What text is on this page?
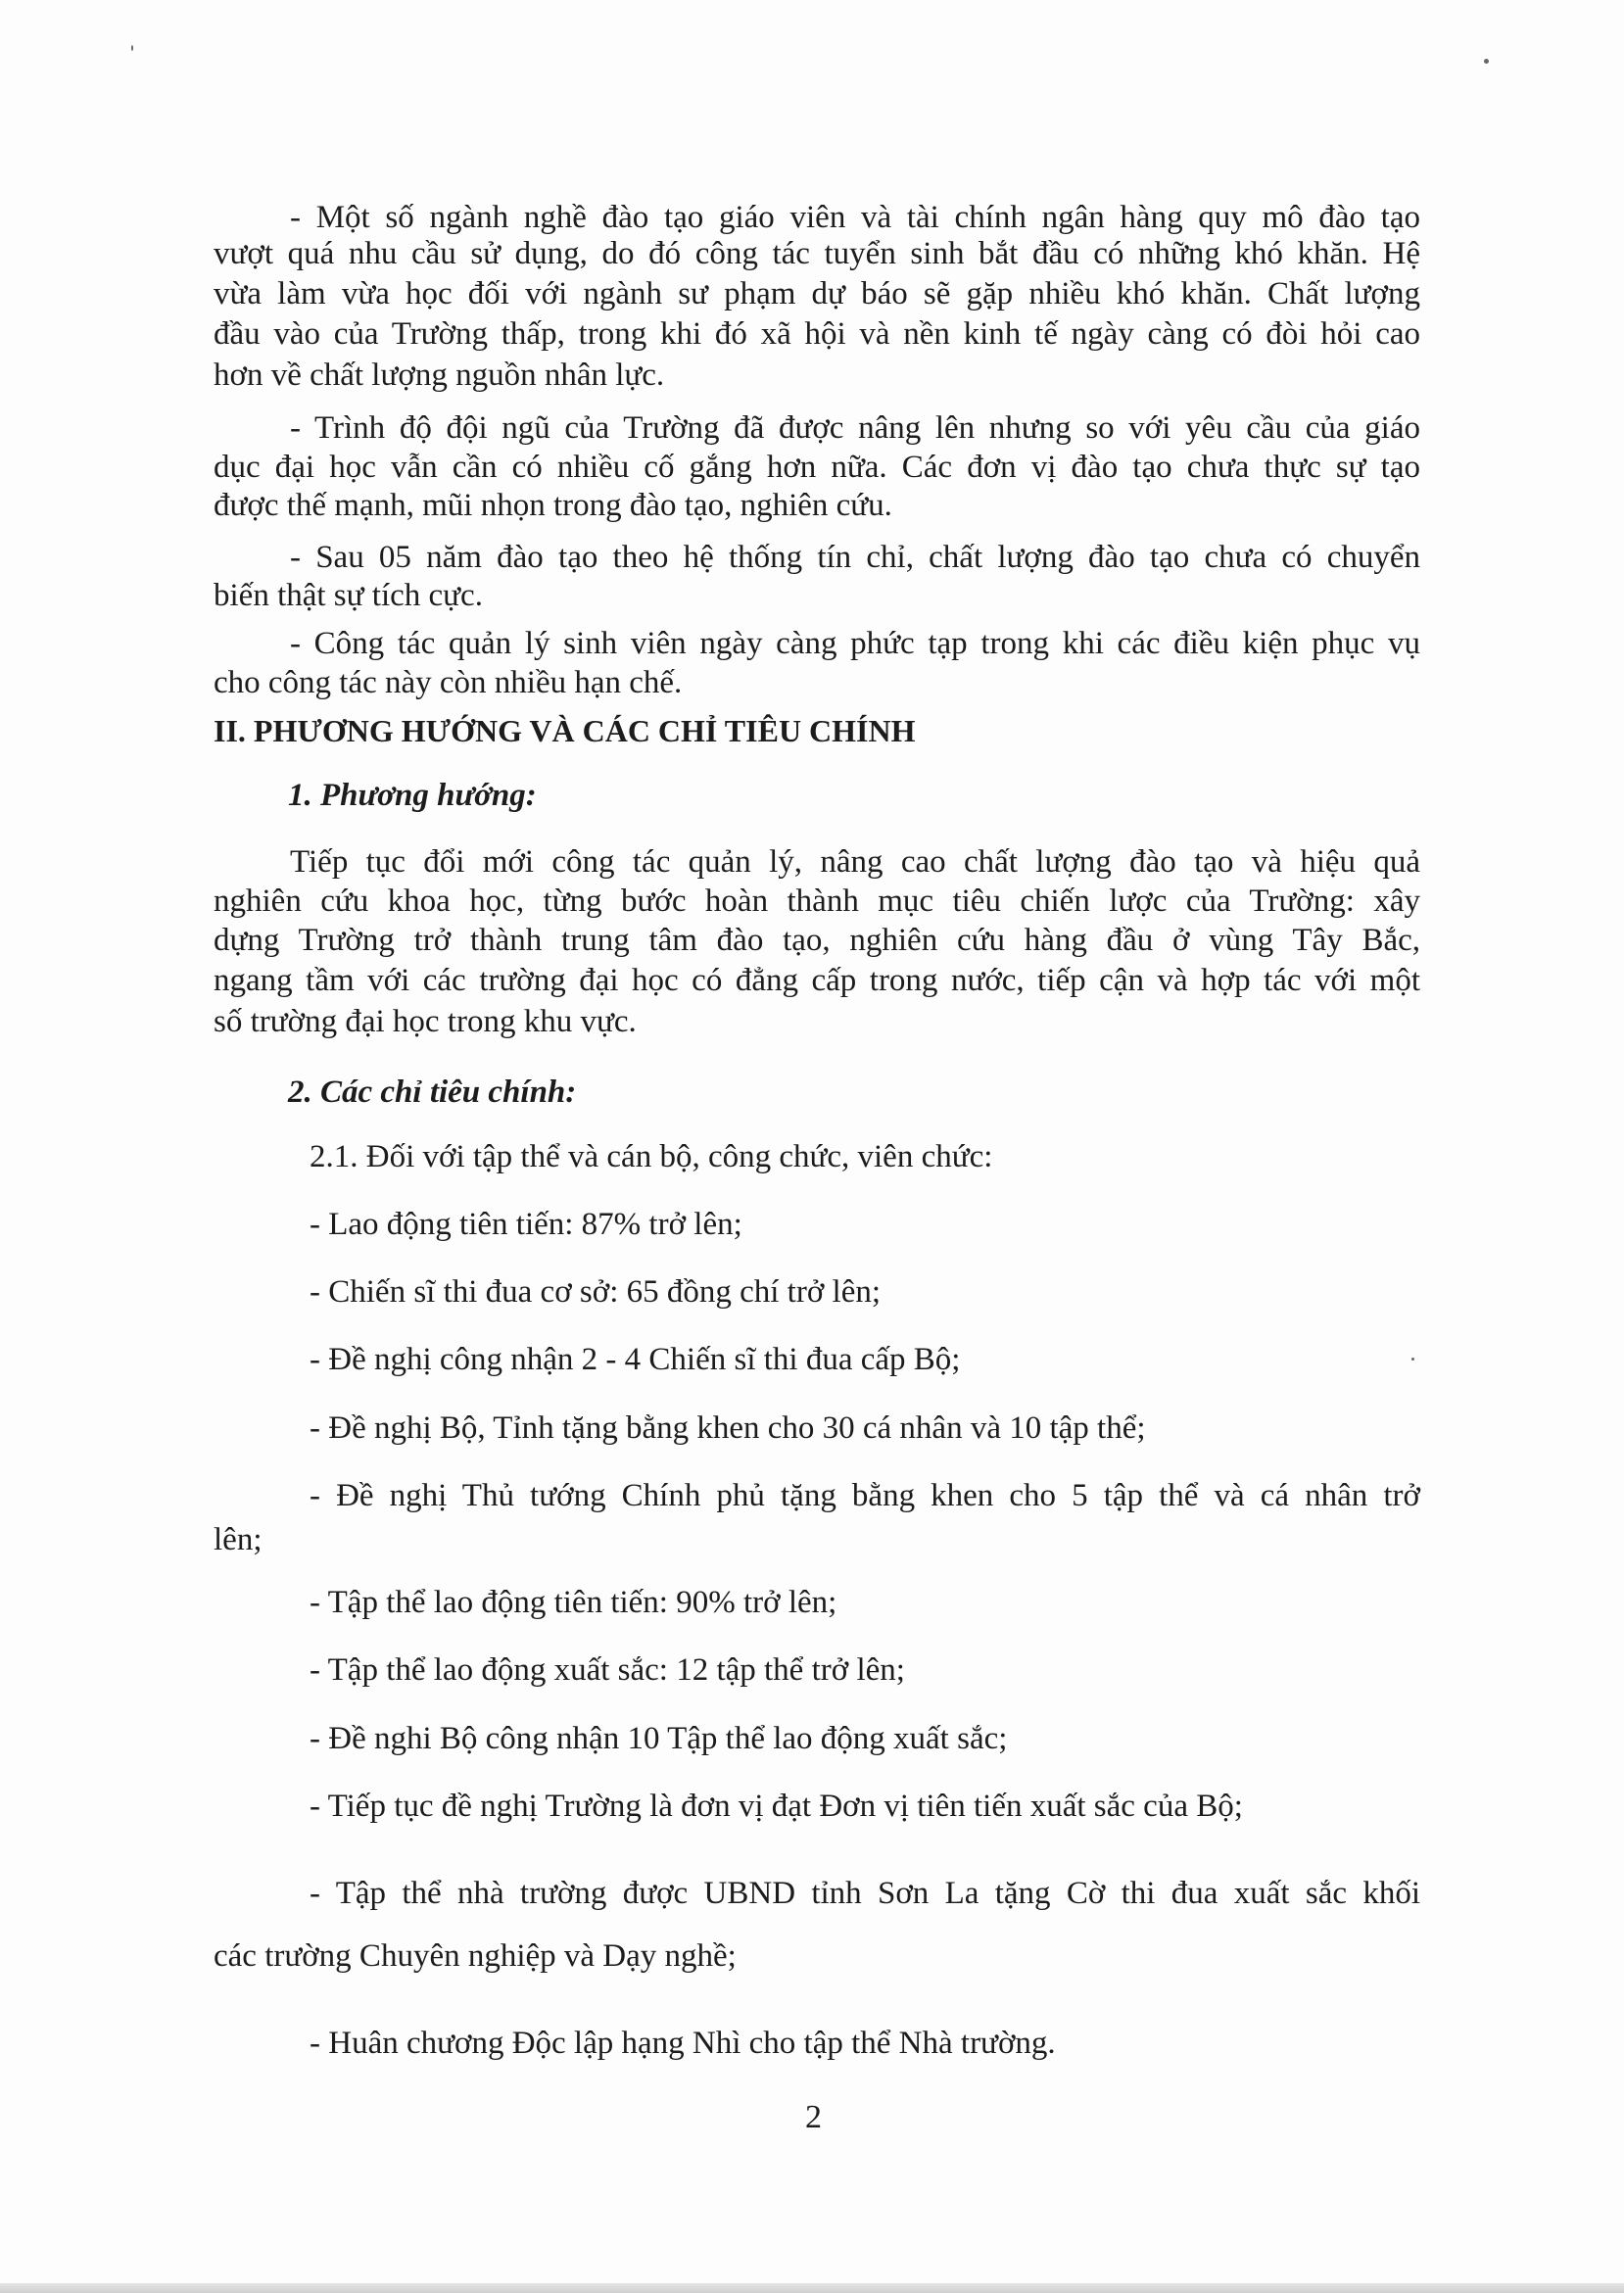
- Một số ngành nghề đào tạo giáo viên và tài chính ngân hàng quy mô đào tạo
vượt quá nhu cầu sử dụng, do đó công tác tuyển sinh bắt đầu có những khó khăn. Hệ
vừa làm vừa học đối với ngành sư phạm dự báo sẽ gặp nhiều khó khăn. Chất lượng
đầu vào của Trường thấp, trong khi đó xã hội và nền kinh tế ngày càng có đòi hỏi cao
hơn về chất lượng nguồn nhân lực.
- Trình độ đội ngũ của Trường đã được nâng lên nhưng so với yêu cầu của giáo
dục đại học vẫn cần có nhiều cố gắng hơn nữa. Các đơn vị đào tạo chưa thực sự tạo
được thế mạnh, mũi nhọn trong đào tạo, nghiên cứu.
- Sau 05 năm đào tạo theo hệ thống tín chỉ, chất lượng đào tạo chưa có chuyển
biến thật sự tích cực.
- Công tác quản lý sinh viên ngày càng phức tạp trong khi các điều kiện phục vụ
cho công tác này còn nhiều hạn chế.
II. PHƯƠNG HƯỚNG VÀ CÁC CHỈ TIÊU CHÍNH
1. Phương hướng:
Tiếp tục đổi mới công tác quản lý, nâng cao chất lượng đào tạo và hiệu quả
nghiên cứu khoa học, từng bước hoàn thành mục tiêu chiến lược của Trường: xây
dựng Trường trở thành trung tâm đào tạo, nghiên cứu hàng đầu ở vùng Tây Bắc,
ngang tầm với các trường đại học có đẳng cấp trong nước, tiếp cận và hợp tác với một
số trường đại học trong khu vực.
2. Các chỉ tiêu chính:
2.1. Đối với tập thể và cán bộ, công chức, viên chức:
- Lao động tiên tiến: 87% trở lên;
- Chiến sĩ thi đua cơ sở: 65 đồng chí trở lên;
- Đề nghị công nhận 2 - 4 Chiến sĩ thi đua cấp Bộ;
- Đề nghị Bộ, Tỉnh tặng bằng khen cho 30 cá nhân và 10 tập thể;
- Đề nghị Thủ tướng Chính phủ tặng bằng khen cho 5 tập thể và cá nhân trở
lên;
- Tập thể lao động tiên tiến: 90% trở lên;
- Tập thể lao động xuất sắc: 12 tập thể trở lên;
- Đề nghi Bộ công nhận 10 Tập thể lao động xuất sắc;
- Tiếp tục đề nghị Trường là đơn vị đạt Đơn vị tiên tiến xuất sắc của Bộ;
- Tập thể nhà trường được UBND tỉnh Sơn La tặng Cờ thi đua xuất sắc khối
các trường Chuyên nghiệp và Dạy nghề;
- Huân chương Độc lập hạng Nhì cho tập thể Nhà trường.
2
